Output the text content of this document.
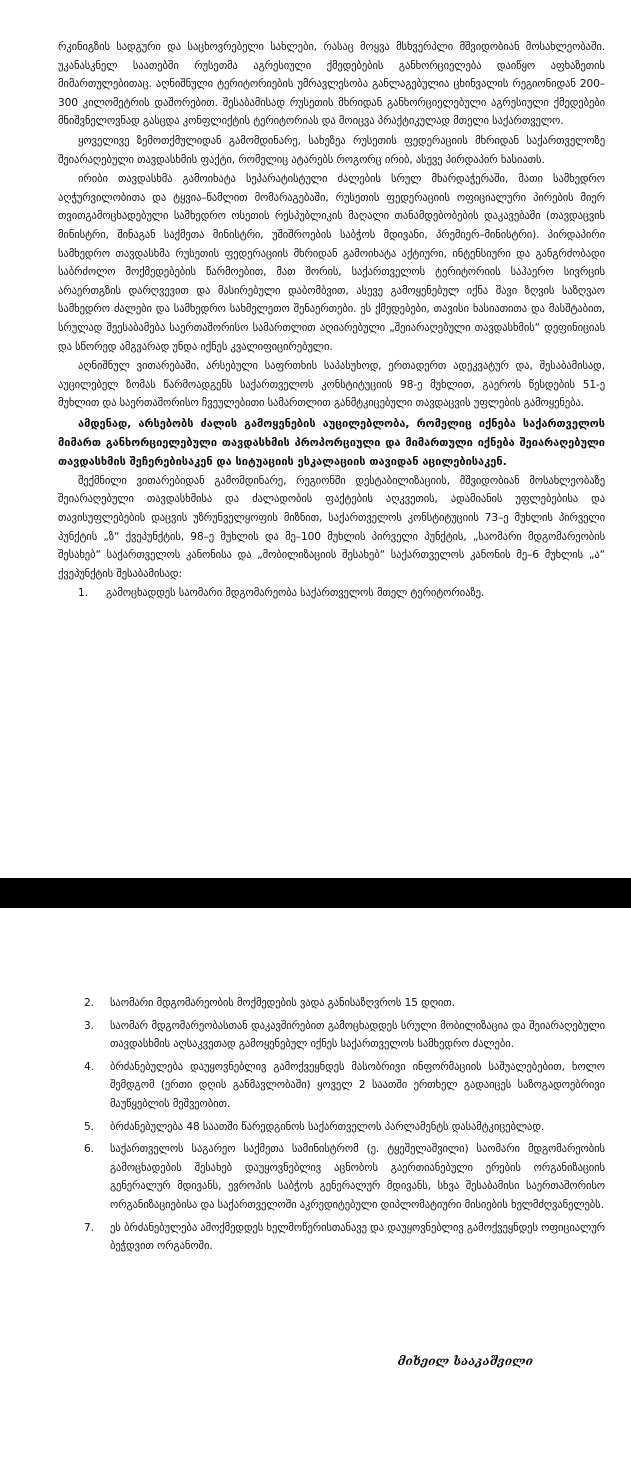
რკინიგზის სადგური და საცხოვრებელი სახლები, რასაც მოყვა მსხვერპლი მშვიდობიან მოსახლეობაში. უკანასკნელ საათებში რუსეთმა აგრესიული ქმედებების განხორციელება დაიწყო აფხაზეთის მიმართულებითაც. აღნიშნული ტერიტორიების უმრავლესობა განლაგებულია ცხინვალის რეგიონიდან 200–300 კილომეტრის დაშორებით. შესაბამისად რუსეთის მხრიდან განხორციელებული აგრესიული ქმედებები მნიშვნელოვნად გასცდა კონფლიქტის ტერიტორიას და მოიცვა პრაქტიკულად მთელი საქართველო.

ყოველივე ზემოთქმულიდან გამომდინარე, სახეზეა რუსეთის ფედერაციის მხრიდან საქართველოზე შეიარაღებული თავდასხმის ფაქტი, რომელიც ატარებს როგორც ირიბ, ასევე პირდაპირ ხასიათს.

ირიბი თავდასხმა გამოიხატა სეპარატისტული ძალების სრულ მხარდაჭერაში, მათი სამხედრო აღჭურვილობითა და ტყვია–წამლით მომარაგებაში, რუსეთის ფედერაციის ოფიციალური პირების მიერ თვითგამოცხადებული სამხედრო ოსეთის რესპუბლიკის მაღალი თანამდებობების დაკავებაში (თავდაცვის მინისტრი, შინაგან საქმეთა მინისტრი, უშიშროების საბჭოს მდივანი, პრემიერ–მინისტრი). პირდაპირი სამხედრო თავდასხმა რუსეთის ფედერაციის მხრიდან გამოიხატა აქტიური, ინტენსიური და განგრძობადი საბრძოლო მოქმედებების წარმოებით, მათ შორის, საქართველოს ტერიტორიის საჰაერო სივრცის არაერთგზის დარღვევით და მასირებული დაბომბვით, ასევე გამოყენებულ იქნა შავი ზღვის საზღვაო სამხედრო ძალები და სამხედრო სახმელეთო შენაერთები. ეს ქმედებები, თავისი ხასიათითა და მასშტაბით, სრულად შეესაბამება საერთაშორისო სამართლით აღიარებული „შეიარაღებული თავდასხმის“ დეფინიციას და სწორედ ამგვარად უნდა იქნეს კვალიფიცირებული.

აღნიშნულ ვითარებაში, არსებული საფრთხის საპასუხოდ, ერთადერთ ადეკვატურ და, შესაბამისად, აუცილებელ ზომას წარმოადგენს საქართველოს კონსტიტუციის 98-ე მუხლით, გაეროს წესდების 51-ე მუხლით და საერთაშორისო ჩვეულებითი სამართლით განმტკიცებული თავდაცვის უფლების გამოყენება.

ამდენად, არსებობს ძალის გამოყენების აუცილებლობა, რომელიც იქნება საქართველოს მიმართ განხორციელებული თავდასხმის პროპორციული და მიმართული იქნება შეიარაღებული თავდასხმის შეჩერებისაკენ და სიტუაციის ესკალაციის თავიდან აცილებისაკენ.

შექმნილი ვითარებიდან გამომდინარე, რეგიონში დესტაბილიზაციის, მშვიდობიან მოსახლეობაზე შეიარაღებული თავდასხმისა და ძალადობის ფაქტების აღკვეთის, ადამიანის უფლებებისა და თავისუფლებების დაცვის უზრუნველყოფის მიზნით, საქართველოს კონსტიტუციის 73–ე მუხლის პირველი პუნქტის „ზ“ ქვეპუნქტის, 98–ე მუხლის და მე–100 მუხლის პირველი პუნქტის, „საომარი მდგომარეობის შესახებ“ საქართველოს კანონისა და „მობილიზაციის შესახებ“ საქართველოს კანონის მე–6 მუხლის „ა“ ქვეპუნქტის შესაბამისად:

1. გამოცხადდეს საომარი მდგომარეობა საქართველოს მთელ ტერიტორიაზე.
2. საომარი მდგომარეობის მოქმედების ვადა განისაზღვროს 15 დღით.
3. საომარ მდგომარეობასთან დაკავშირებით გამოცხადდეს სრული მობილიზაცია და შეიარაღებული თავდასხმის აღსაკვეთად გამოყენებულ იქნეს საქართველოს სამხედრო ძალები.
4. ბრძანებულება დაუყოვნებლივ გამოქვეყნდეს მასობრივი ინფორმაციის საშუალებებით, ხოლო შემდგომ (ერთი დღის განმავლობაში) ყოველ 2 საათში ერთხელ გადაიცეს საზოგადოებრივი მაუწყებლის მეშვეობით.
5. ბრძანებულება 48 საათში წარედგინოს საქართველოს პარლამენტს დასამტკიცებლად.
6. საქართველოს საგარეო საქმეთა სამინისტრომ (ე. ტყეშელაშვილი) საომარი მდგომარეობის გამოცხადების შესახებ დაუყოვნებლივ აცნობოს გაერთიანებული ერების ორგანიზაციის გენერალურ მდივანს, ევროპის საბჭოს გენერალურ მდივანს, სხვა შესაბამისი საერთაშორისო ორგანიზაციებისა და საქართველოში აკრედიტებული დიპლომატიური მისიების ხელმძღვანელებს.
7. ეს ბრძანებულება ამოქმედდეს ხელმოწერისთანავე და დაუყოვნებლივ გამოქვეყნდეს ოფიციალურ ბეჭდვით ორგანოში.
მიხეილ სააკაშვილი
